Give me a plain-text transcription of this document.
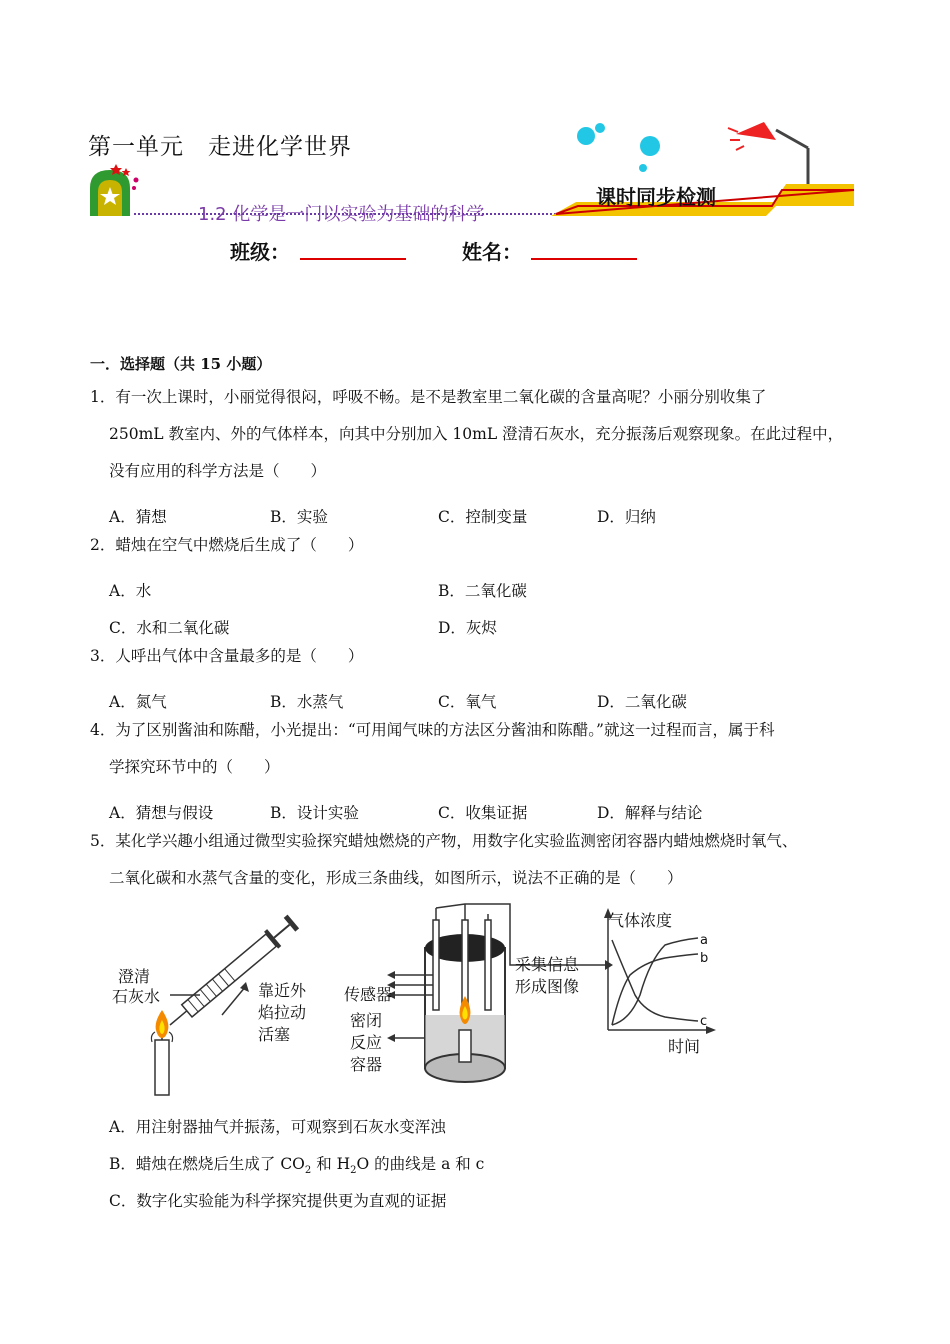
第一单元　走进化学世界
1.2 化学是一门以实验为基础的科学
课时同步检测
班级：	姓名：
一．选择题（共 15 小题）
1．有一次上课时，小丽觉得很闷，呼吸不畅。是不是教室里二氧化碳的含量高呢？小丽分别收集了
250mL 教室内、外的气体样本，向其中分别加入 10mL 澄清石灰水，充分振荡后观察现象。在此过程中，
没有应用的科学方法是（　　）
A．猜想	B．实验	C．控制变量	D．归纳
2．蜡烛在空气中燃烧后生成了（　　）
A．水	B．二氧化碳
C．水和二氧化碳	D．灰烬
3．人呼出气体中含量最多的是（　　）
A．氮气	B．水蒸气	C．氧气	D．二氧化碳
4．为了区别酱油和陈醋，小光提出：“可用闻气味的方法区分酱油和陈醋。”就这一过程而言，属于科
学探究环节中的（　　）
A．猜想与假设	B．设计实验	C．收集证据	D．解释与结论
5．某化学兴趣小组通过微型实验探究蜡烛燃烧的产物，用数字化实验监测密闭容器内蜡烛燃烧时氧气、
二氧化碳和水蒸气含量的变化，形成三条曲线，如图所示，说法不正确的是（　　）
澄清
石灰水	靠近外
焰拉动
活塞
传感器
密闭
反应
容器
采集信息
形成图像
气体浓度
时间
a
b
c
A．用注射器抽气并振荡，可观察到石灰水变浑浊
B．蜡烛在燃烧后生成了 $CO_2$ 和 $H_2O$ 的曲线是 a 和 c
C．数字化实验能为科学探究提供更为直观的证据
